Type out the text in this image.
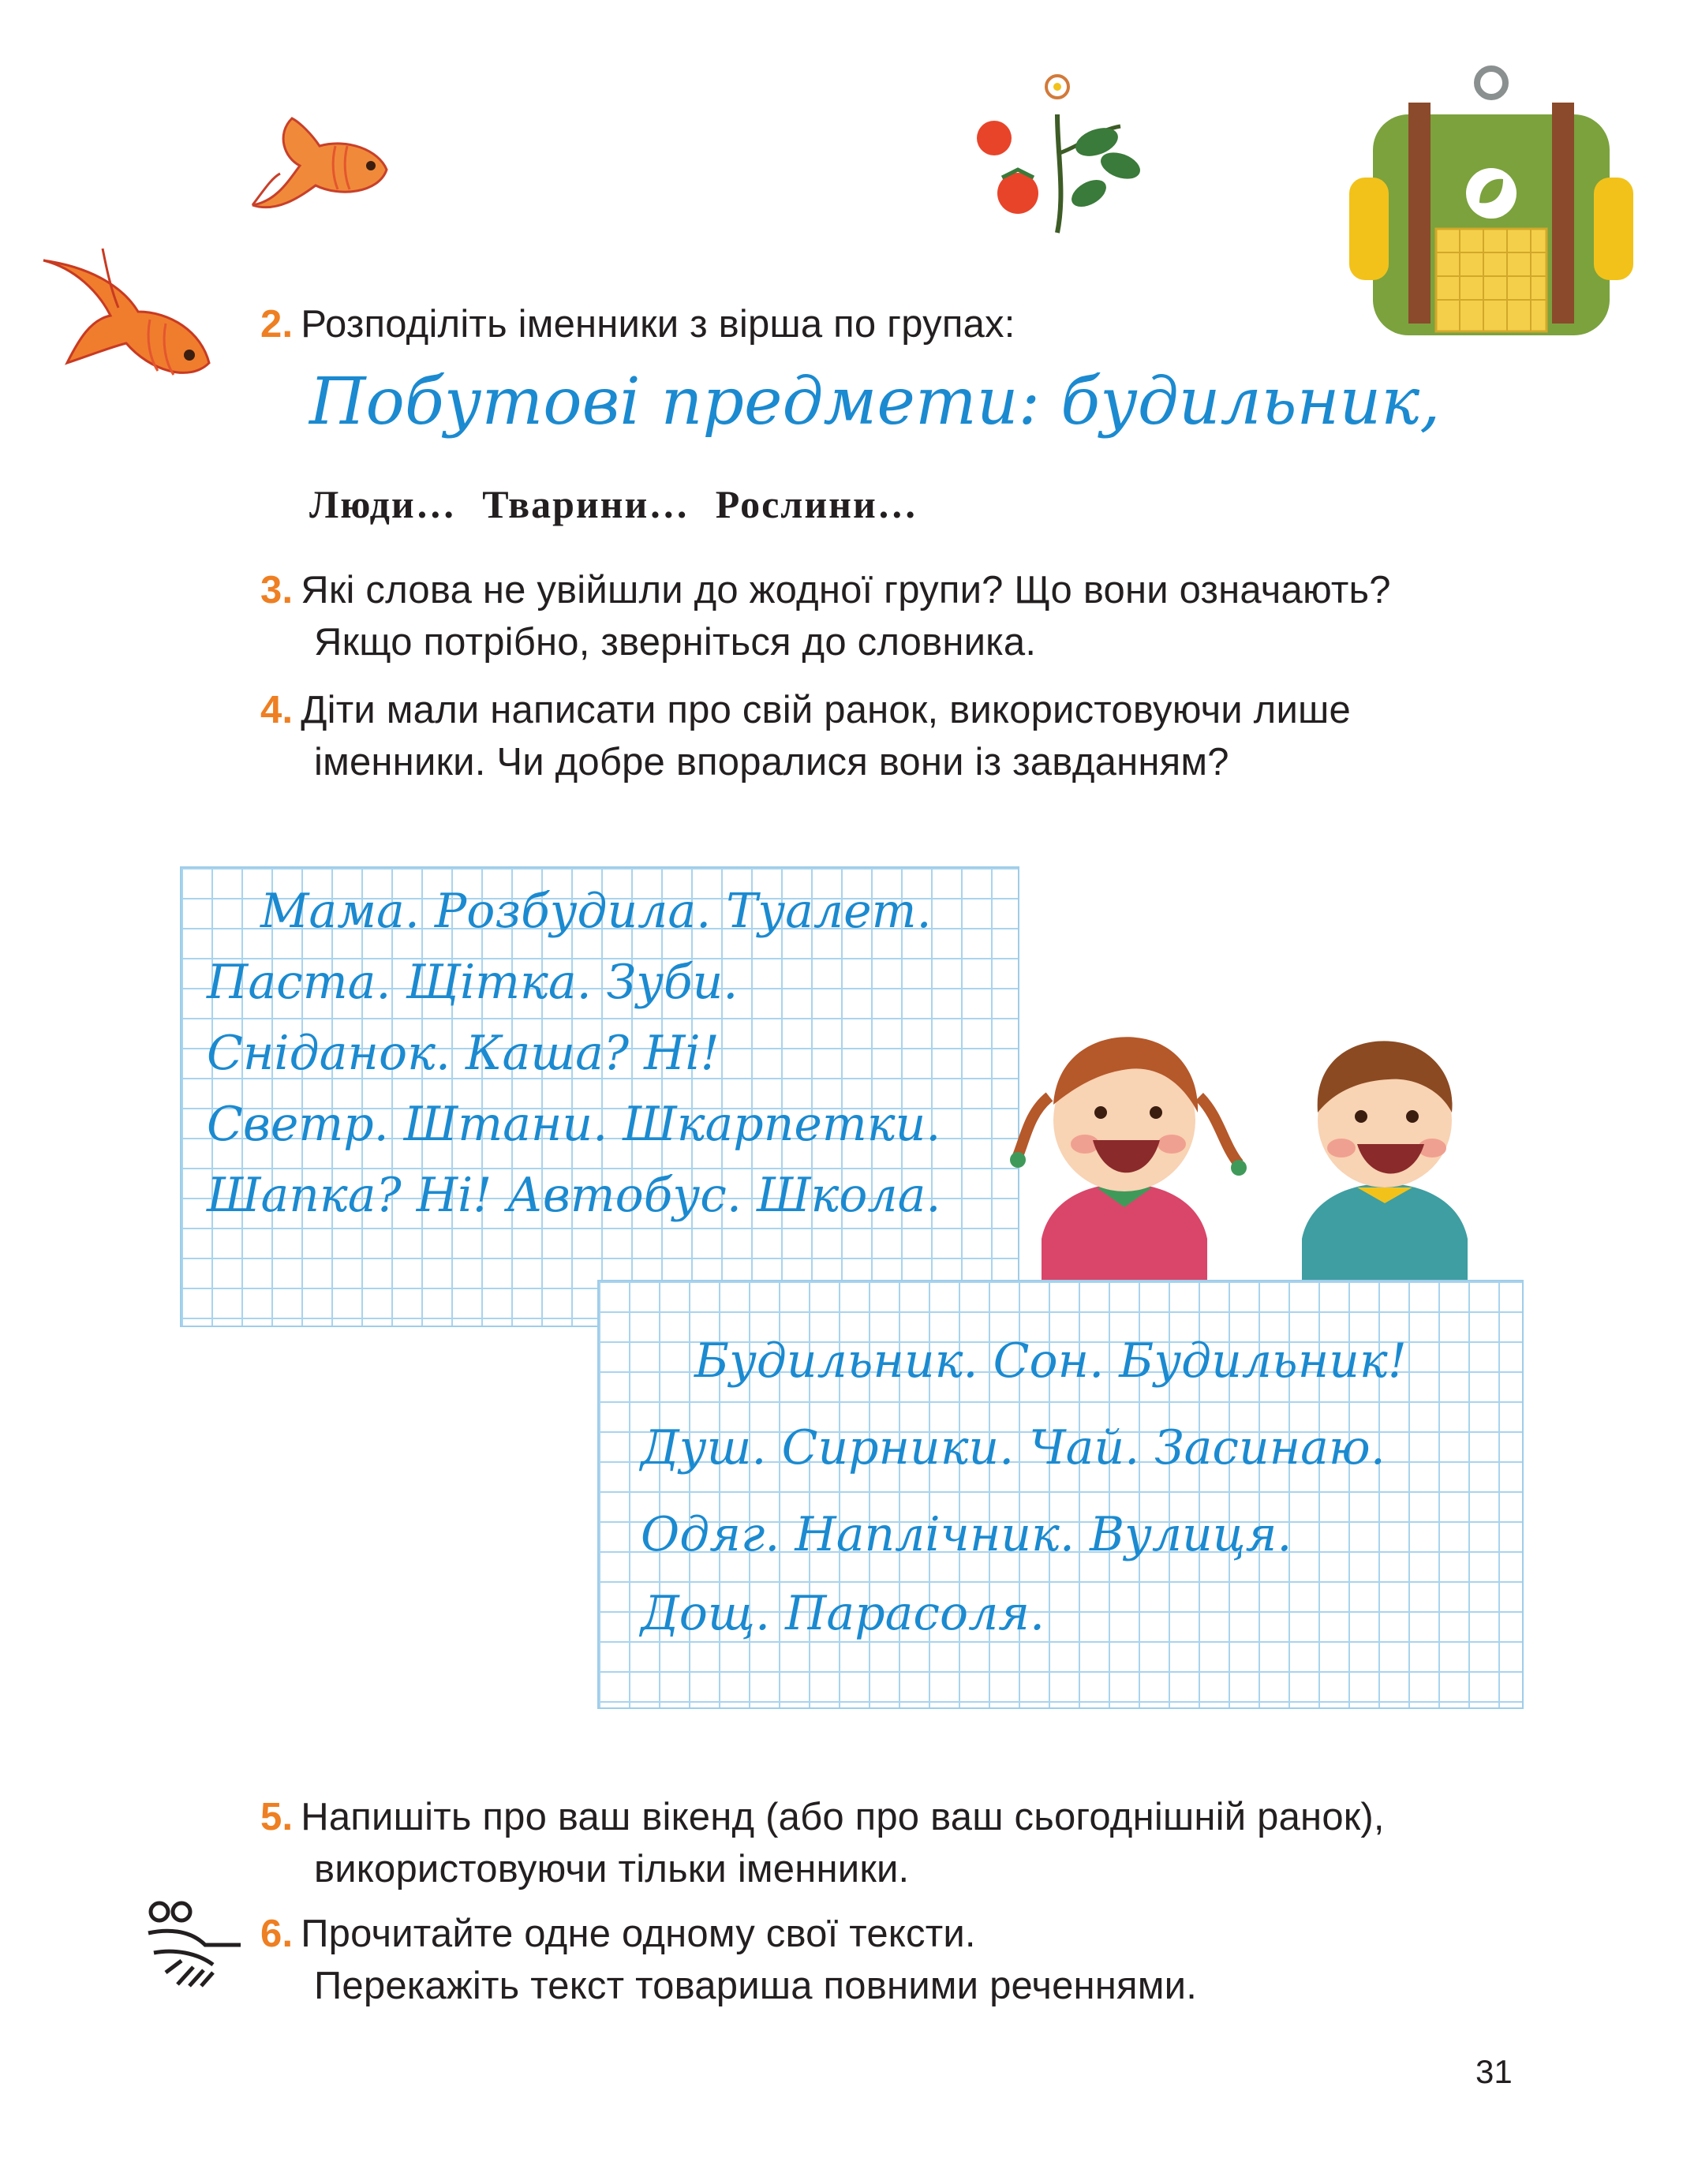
2. Розподіліть іменники з вірша по групах:
Побутові предмети: будильник,
Люди… Тварини… Рослини…
3. Які слова не увійшли до жодної групи? Що вони означають?
Якщо потрібно, зверніться до словника.
4. Діти мали написати про свій ранок, використовуючи лише
іменники. Чи добре впоралися вони із завданням?
Мама. Розбудила. Туалет.
Паста. Щітка. Зуби.
Сніданок. Каша? Ні!
Светр. Штани. Шкарпетки.
Шапка? Ні! Автобус. Школа.
Будильник. Сон. Будильник!
Душ. Сирники. Чай. Засинаю.
Одяг. Наплічник. Вулиця.
Дощ. Парасоля.
5. Напишіть про ваш вікенд (або про ваш сьогоднішній ранок),
використовуючи тільки іменники.
6. Прочитайте одне одному свої тексти.
Перекажіть текст товариша повними реченнями.
31
